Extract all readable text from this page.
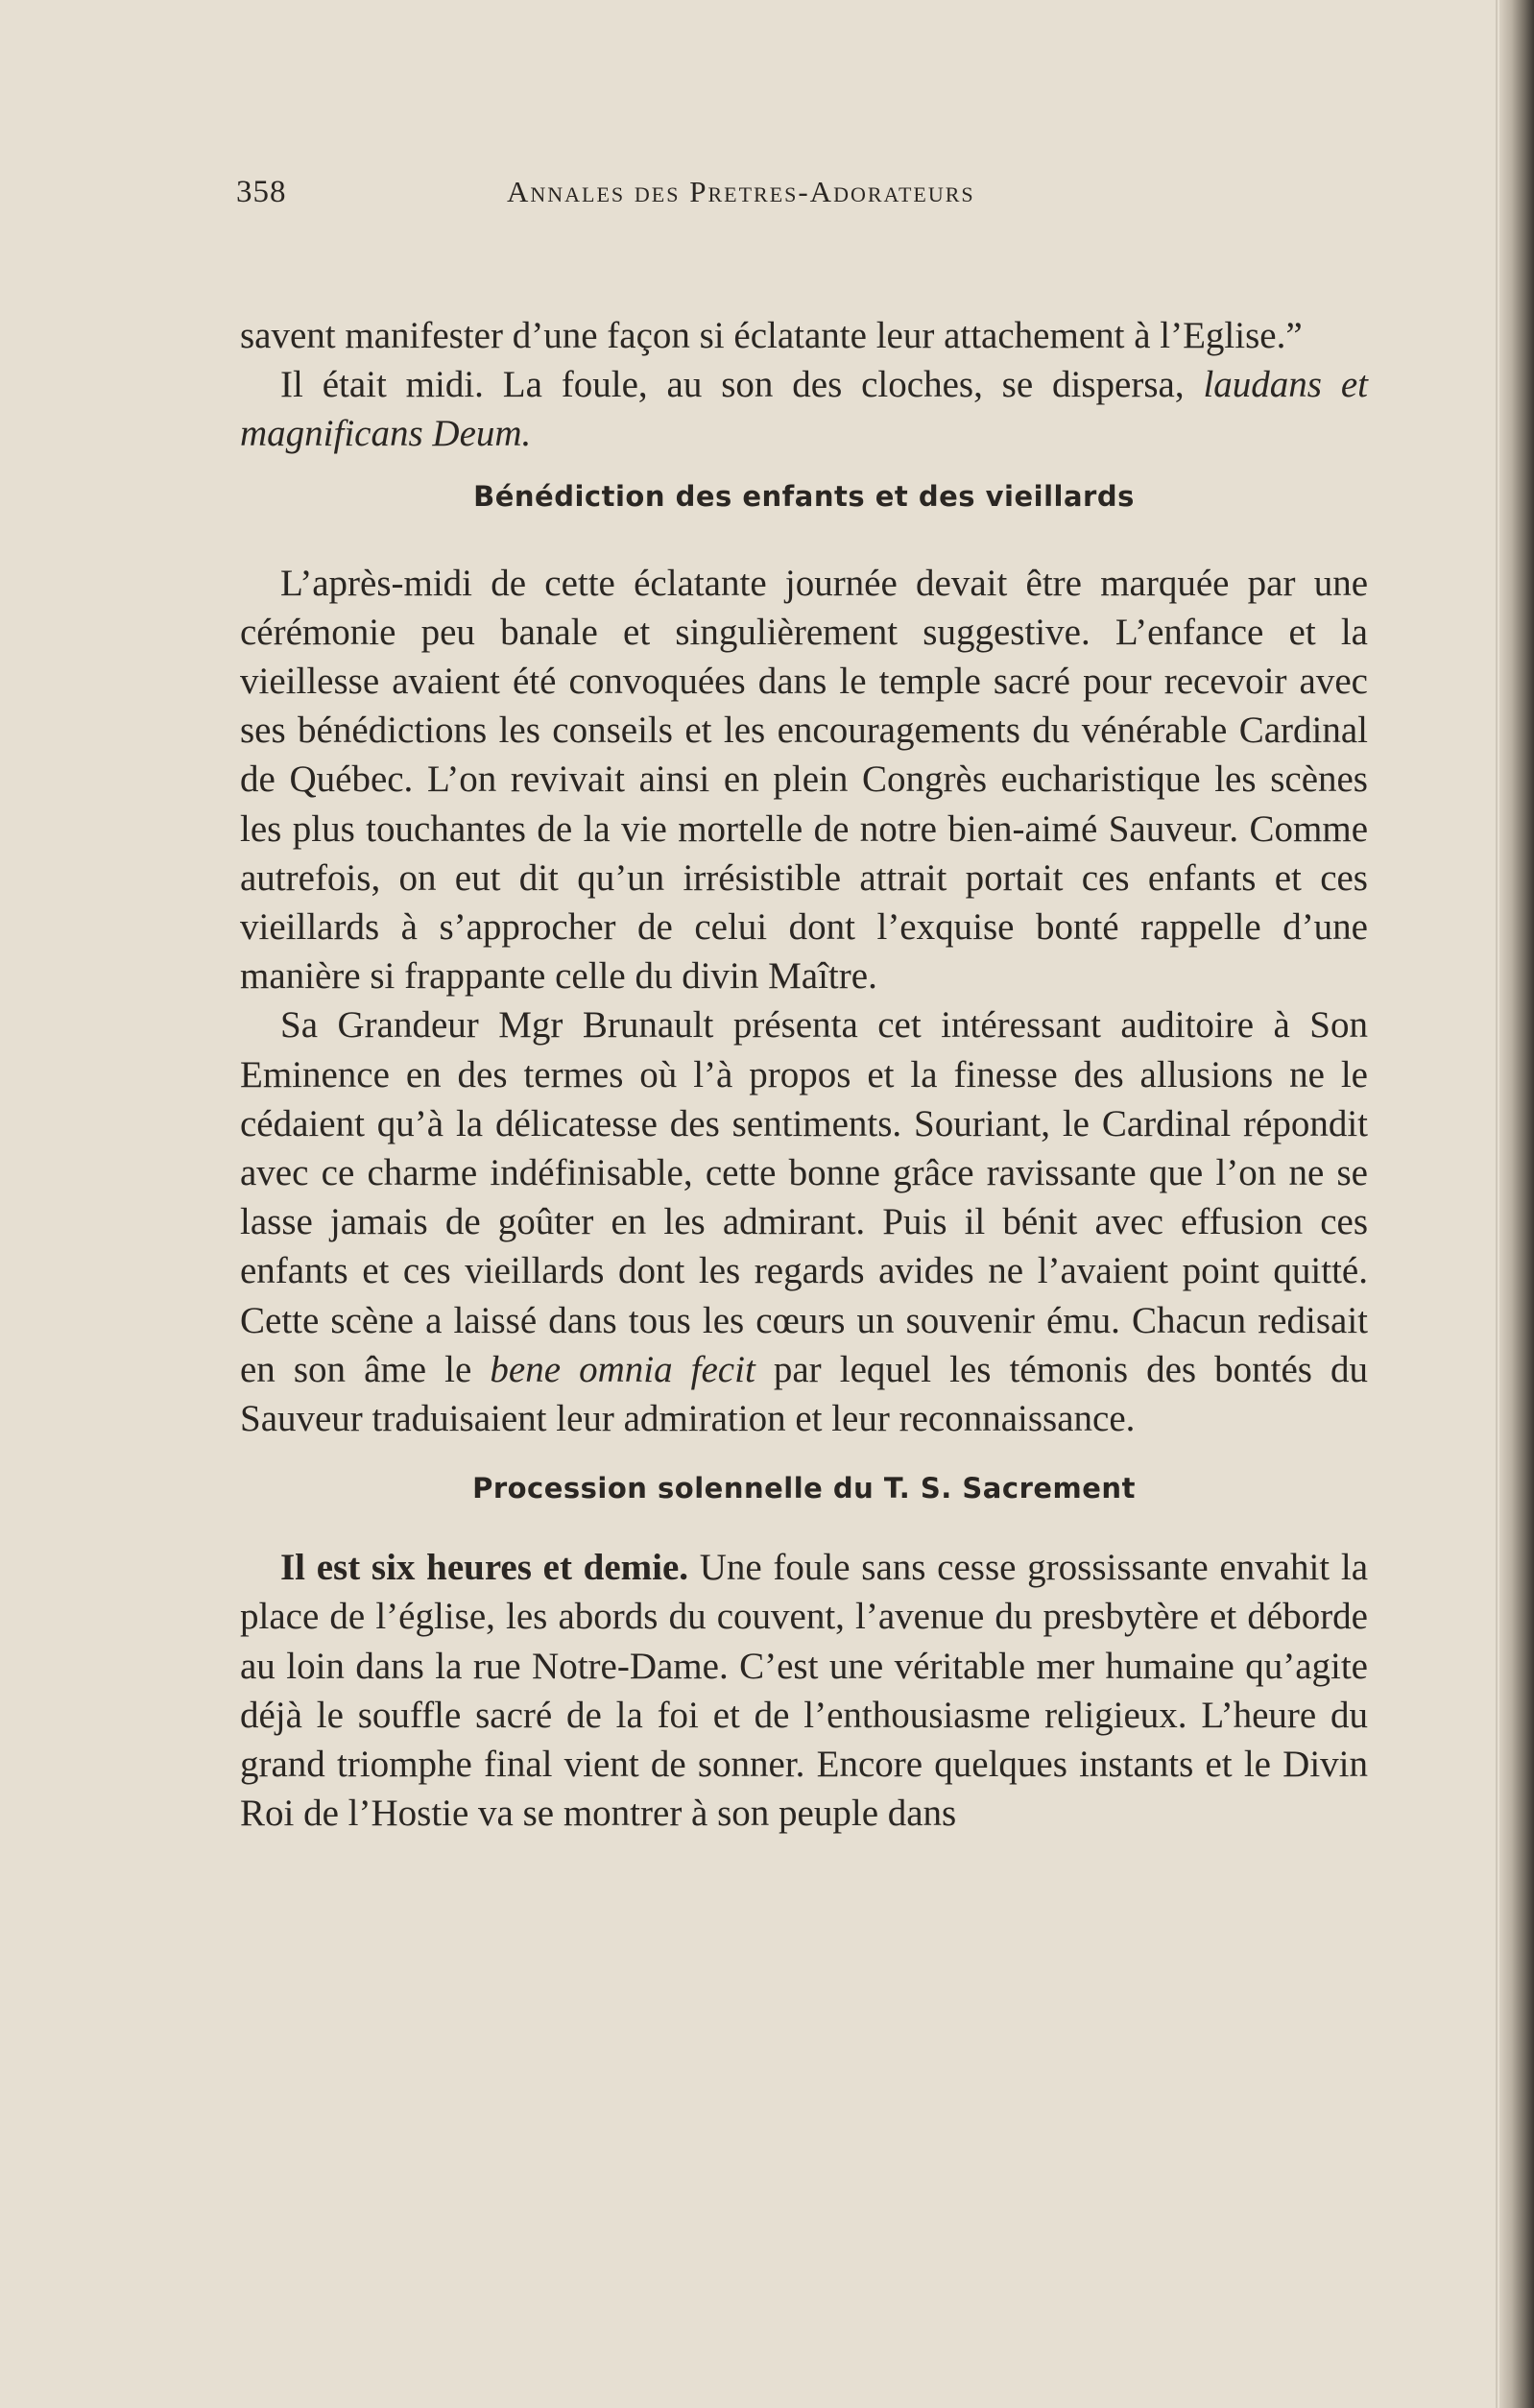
358	Annales des Pretres-Adorateurs

savent manifester d’une façon si éclatante leur attachement à l’Eglise.”

Il était midi. La foule, au son des cloches, se dispersa, laudans et magnificans Deum.

Bénédiction des enfants et des vieillards

L’après-midi de cette éclatante journée devait être marquée par une cérémonie peu banale et singulièrement suggestive. L’enfance et la vieillesse avaient été convoquées dans le temple sacré pour recevoir avec ses bénédictions les conseils et les encouragements du vénérable Cardinal de Québec. L’on revivait ainsi en plein Congrès eucharistique les scènes les plus touchantes de la vie mortelle de notre bien-aimé Sauveur. Comme autrefois, on eut dit qu’un irrésistible attrait portait ces enfants et ces vieillards à s’approcher de celui dont l’exquise bonté rappelle d’une manière si frappante celle du divin Maître.

Sa Grandeur Mgr Brunault présenta cet intéressant auditoire à Son Eminence en des termes où l’à propos et la finesse des allusions ne le cédaient qu’à la délicatesse des sentiments. Souriant, le Cardinal répondit avec ce charme indéfinisable, cette bonne grâce ravissante que l’on ne se lasse jamais de goûter en les admirant. Puis il bénit avec effusion ces enfants et ces vieillards dont les regards avides ne l’avaient point quitté. Cette scène a laissé dans tous les cœurs un souvenir ému. Chacun redisait en son âme le bene omnia fecit par lequel les témonis des bontés du Sauveur traduisaient leur admiration et leur reconnaissance.

Procession solennelle du T. S. Sacrement

Il est six heures et demie. Une foule sans cesse grossissante envahit la place de l’église, les abords du couvent, l’avenue du presbytère et déborde au loin dans la rue Notre-Dame. C’est une véritable mer humaine qu’agite déjà le souffle sacré de la foi et de l’enthousiasme religieux. L’heure du grand triomphe final vient de sonner. Encore quelques instants et le Divin Roi de l’Hostie va se montrer à son peuple dans
